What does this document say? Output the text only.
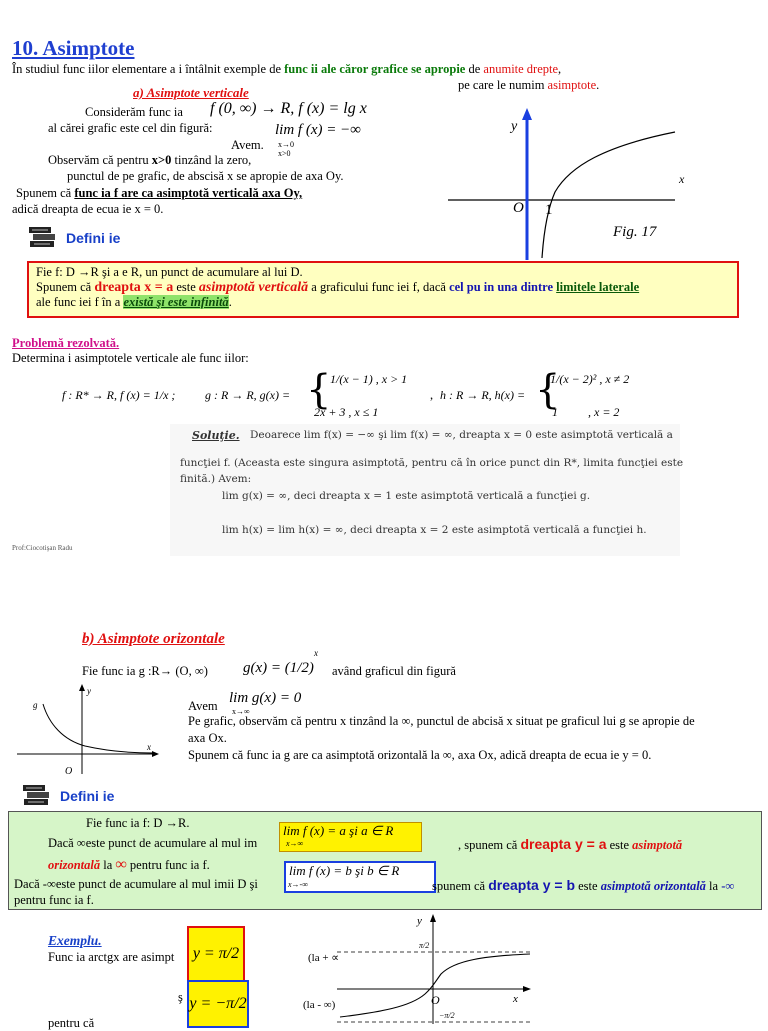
10. Asimptote
În studiul func iilor elementare a i întâlnit exemple de func ii ale căror grafice se apropie de anumite drepte,
pe care le numim asimptote.
a) Asimptote verticale
Considerăm func ia f (0, ∞) → R, f (x) = lg x
al cărei grafic este cel din figură:	lim f (x) = −∞
x→0
x>0
Avem.
Observăm că pentru x>0 tinzând la zero,
punctul de pe grafic, de abscisă x se apropie de axa Oy.
Spunem că func ia f are ca asimptotă verticală axa Oy,
adică dreapta de ecua ie x = 0.
y
x
O 1
Fig. 17
Defini ie
Fie f: D →R şi a e R, un punct de acumulare al lui D.
Spunem că dreapta x = a este asimptotă verticală a graficului func iei f, dacă cel pu in una dintre limitele laterale
ale func iei f în a există şi este infinită.
Problemă rezolvată.
Determina i asimptotele verticale ale func iilor:
f : R* → R, f (x) = 1/x ; g : R → R, g(x) = {
1/(x − 1) , x > 1
2x + 3 , x ≤ 1
, h : R → R, h(x) = {
1/(x − 2)² , x ≠ 2
1          , x = 2
Soluţie. Deoarece lim f(x) = −∞ şi lim f(x) = ∞, dreapta x = 0 este asimptotă verticală a
funcţiei f. (Aceasta este singura asimptotă, pentru că în orice punct din R*, limita funcţiei este
finită.) Avem:
lim g(x) = ∞, deci dreapta x = 1 este asimptotă verticală a funcţiei g.
lim h(x) = lim h(x) = ∞, deci dreapta x = 2 este asimptotă verticală a funcţiei h.
Prof:Ciocotişan Radu
b) Asimptote orizontale
Fie func ia g :R→ (O, ∞) g(x) = (1/2)
x
având graficul din figură
Avem lim g(x) = 0
x→∞
Pe grafic, observăm că pentru x tinzând la ∞, punctul de abcisă x situat pe graficul lui g se apropie de
axa Ox.
Spunem că func ia g are ca asimptotă orizontală la ∞, axa Ox, adică dreapta de ecua ie y = 0.
y
x
g
O
Defini ie
Fie func ia f: D →R.
Dacă ∞este punct de acumulare al mul im
lim f (x) = a şi a ∈ R
x→∞	, spunem că dreapta y = a este asimptotă
orizontală la ∞ pentru func ia f.
Dacă -∞este punct de acumulare al mul imii D şi
lim f (x) = b şi b ∈ R
x→-∞	spunem că dreapta y = b este asimptotă orizontală la -∞
pentru func ia f.
Exemplu.
Func ia arctgx are asimpt	y = π/2
ş y = −π/2
pentru că
(la + ∝
(la - ∞)
y
x
O
π/2
−π/2
